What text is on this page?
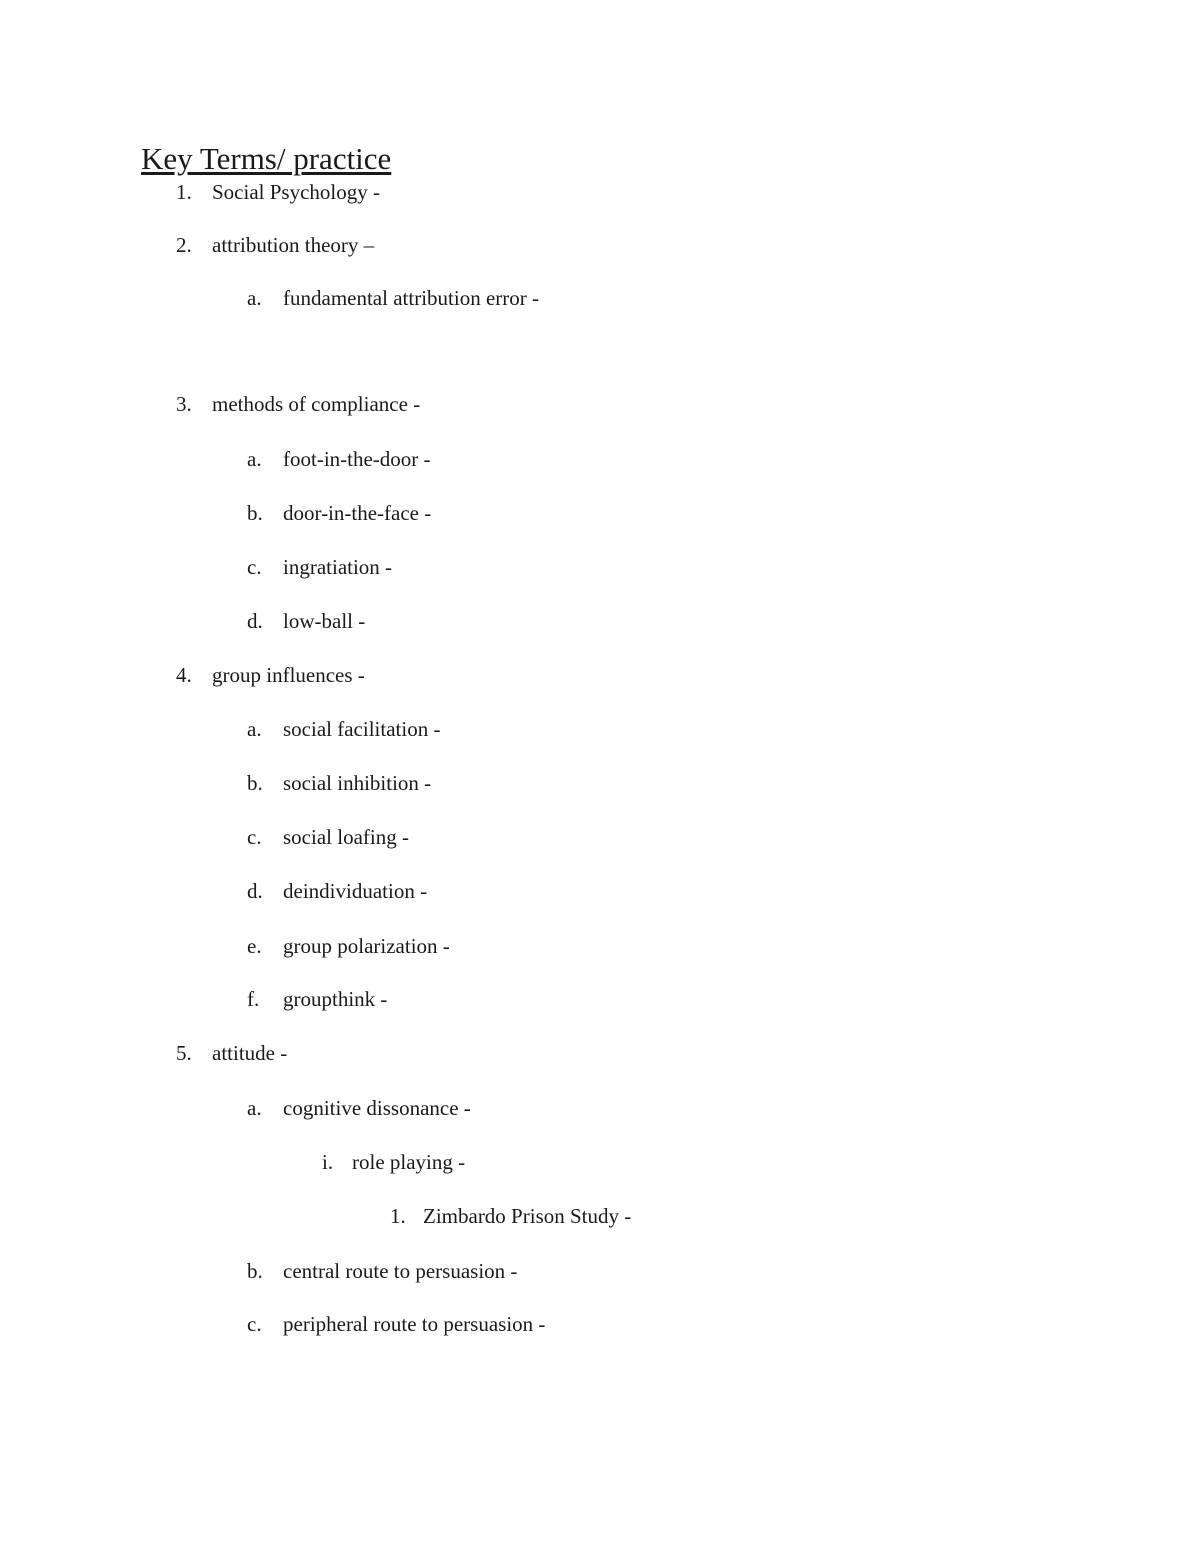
Key Terms/ practice
1. Social Psychology -
2. attribution theory –
a. fundamental attribution error -
3. methods of compliance -
a. foot-in-the-door -
b. door-in-the-face -
c. ingratiation -
d. low-ball -
4. group influences -
a. social facilitation -
b. social inhibition -
c. social loafing -
d. deindividuation -
e. group polarization -
f. groupthink -
5. attitude -
a. cognitive dissonance -
i. role playing -
1. Zimbardo Prison Study -
b. central route to persuasion -
c. peripheral route to persuasion -
